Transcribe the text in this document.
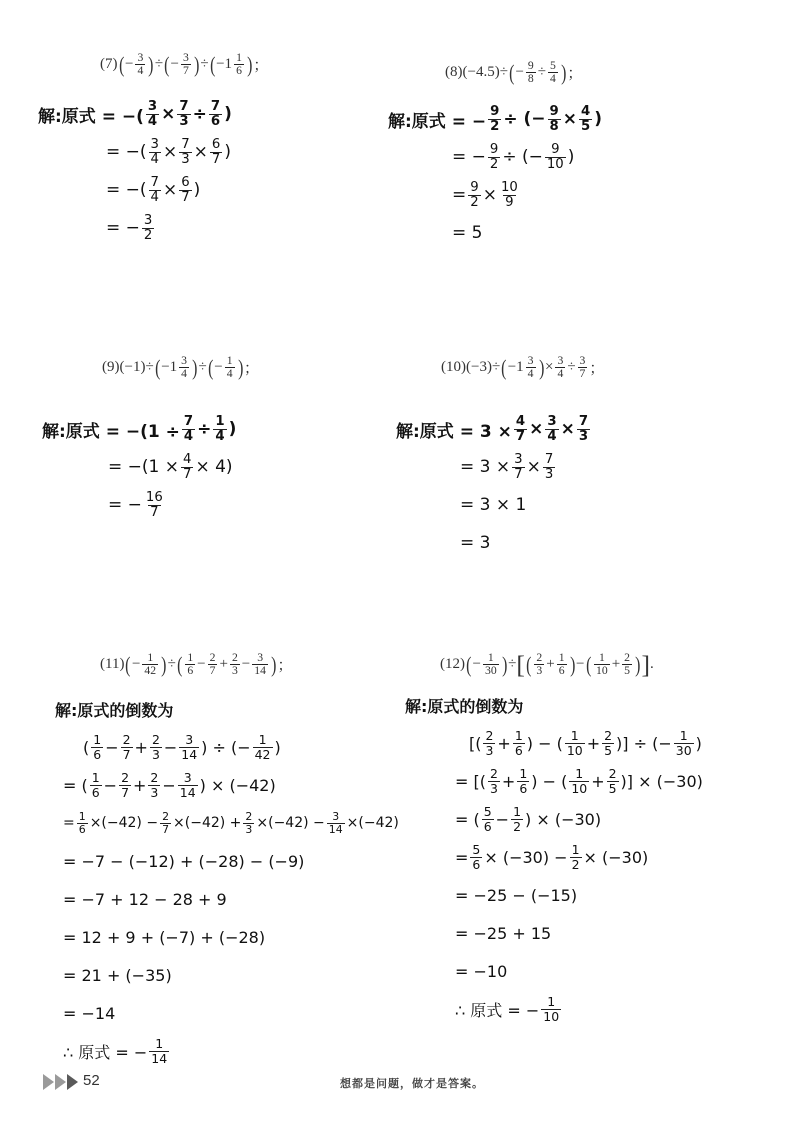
(7) ( − $\frac{3}{4}$ ) ÷ ( − $\frac{3}{7}$ ) ÷ ( $-1 \frac{1}{6}$ ) ；	(8)(−4.5)÷ ( − $\frac{9}{8} \div \frac{5}{4}$ ) ；
解:原式 = −( $\frac{3}{4} \times \frac{7}{3} \div \frac{7}{6}$ )
= −( $\frac{3}{4} \times \frac{7}{3} \times \frac{6}{7}$ )
= −( $\frac{7}{4} \times \frac{6}{7}$ )
= − $\frac{3}{2}$
解:原式 = − $\frac{9}{2}$ ÷ (− $\frac{9}{8} \times \frac{4}{5}$ )
= − $\frac{9}{2}$ ÷ (− $\frac{9}{10}$ )
= $\frac{9}{2} \times \frac{10}{9}$
= 5
(9)(−1)÷ ( $-1 \frac{3}{4}$ ) ÷ ( − $\frac{1}{4}$ ) ；	(10)(−3)÷ ( $-1 \frac{3}{4}$ ) × $\frac{3}{4} \div \frac{3}{7}$ ；
解:原式 = $-(1 \div \frac{7}{4} \div \frac{1}{4}$ )
= $-(1 \times \frac{4}{7} \times 4)$
= − $\frac{16}{7}$
解:原式 = $3 \times \frac{4}{7} \times \frac{3}{4} \times \frac{7}{3}$
= $3 \times \frac{3}{7} \times \frac{7}{3}$
= 3 × 1
= 3
(11) ( − $\frac{1}{42}$ ) ÷ ( $\frac{1}{6} - \frac{2}{7} + \frac{2}{3} - \frac{3}{14}$ ) ；	(12) ( − $\frac{1}{30}$ ) ÷ [ ( $\frac{2}{3} + \frac{1}{6}$ ) − ( $\frac{1}{10} + \frac{2}{5}$ ) ] .
解:原式的倒数为
( $\frac{1}{6} - \frac{2}{7} + \frac{2}{3} - \frac{3}{14}$ ) ÷ (− $\frac{1}{42}$ )
= ( $\frac{1}{6} - \frac{2}{7} + \frac{2}{3} - \frac{3}{14}$ ) × (−42)
= $\frac{1}{6} \times(-42) - \frac{2}{7} \times(-42) + \frac{2}{3} \times(-42) - \frac{3}{14} \times(-42)$
= −7 − (−12) + (−28) − (−9)
= −7 + 12 − 28 + 9
= 12 + 9 + (−7) + (−28)
= 21 + (−35)
= −14
∴ 原式 = − $\frac{1}{14}$
解:原式的倒数为
[( $\frac{2}{3} + \frac{1}{6}$ ) − ( $\frac{1}{10} + \frac{2}{5}$ )] ÷ (− $\frac{1}{30}$ )
= [( $\frac{2}{3} + \frac{1}{6}$ ) − ( $\frac{1}{10} + \frac{2}{5}$ )] × (−30)
= ( $\frac{5}{6} - \frac{1}{2}$ ) × (−30)
= $\frac{5}{6} \times (-30) - \frac{1}{2} \times (-30)$
= −25 − (−15)
= −25 + 15
= −10
∴ 原式 = − $\frac{1}{10}$
52	想都是问题，做才是答案。
